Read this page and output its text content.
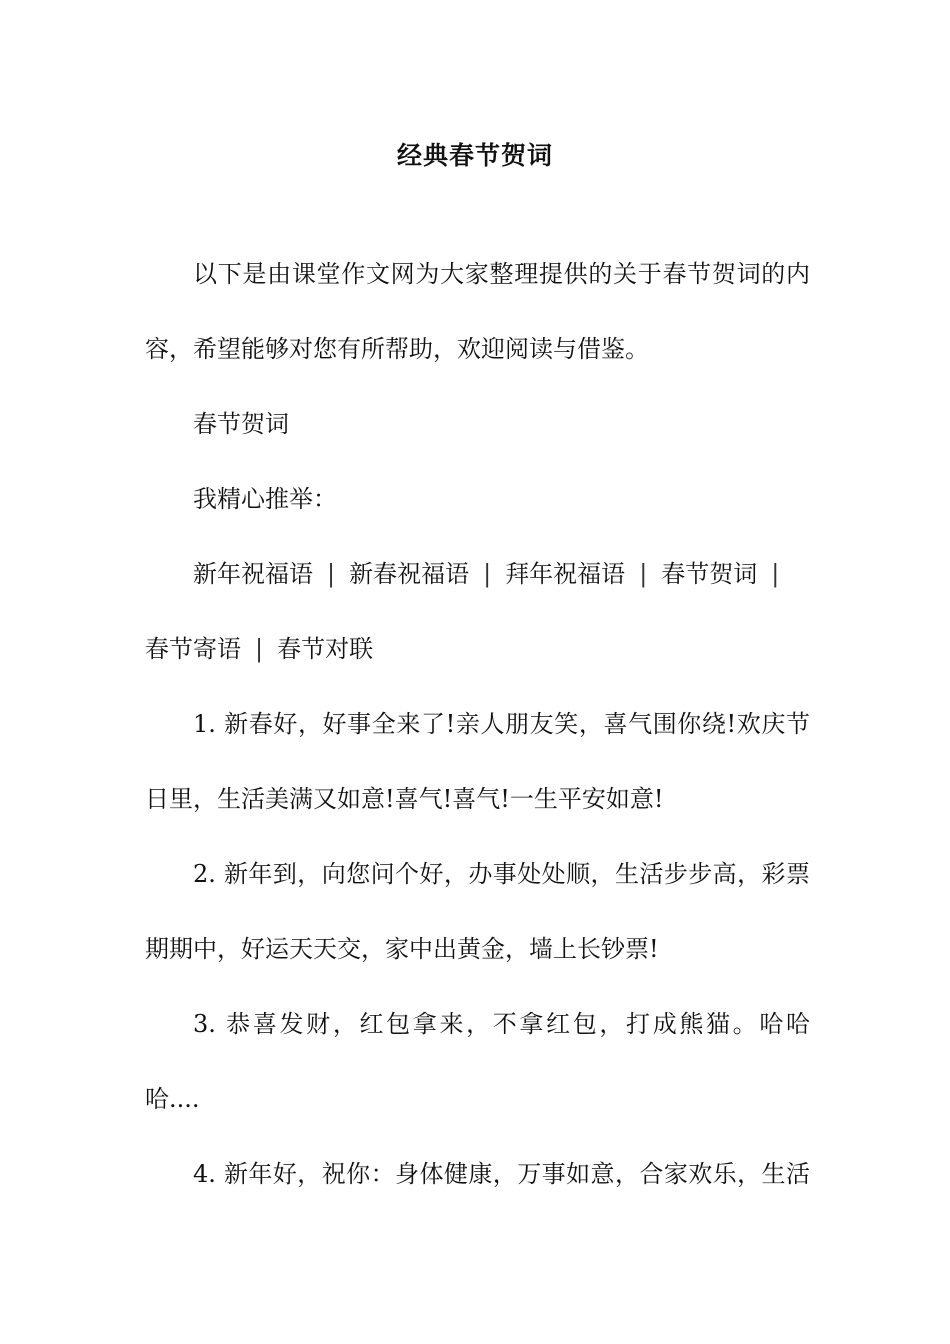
经典春节贺词
以下是由课堂作文网为大家整理提供的关于春节贺词的内
容，希望能够对您有所帮助，欢迎阅读与借鉴。
春节贺词
我精心推举：
新年祝福语 | 新春祝福语 | 拜年祝福语 | 春节贺词 |
春节寄语 | 春节对联
1. 新春好，好事全来了!亲人朋友笑，喜气围你绕!欢庆节
日里，生活美满又如意!喜气!喜气!一生平安如意!
2. 新年到，向您问个好，办事处处顺，生活步步高，彩票
期期中，好运天天交，家中出黄金，墙上长钞票!
3. 恭喜发财，红包拿来，不拿红包，打成熊猫。哈哈
哈....
4. 新年好，祝你：身体健康，万事如意，合家欢乐，生活
